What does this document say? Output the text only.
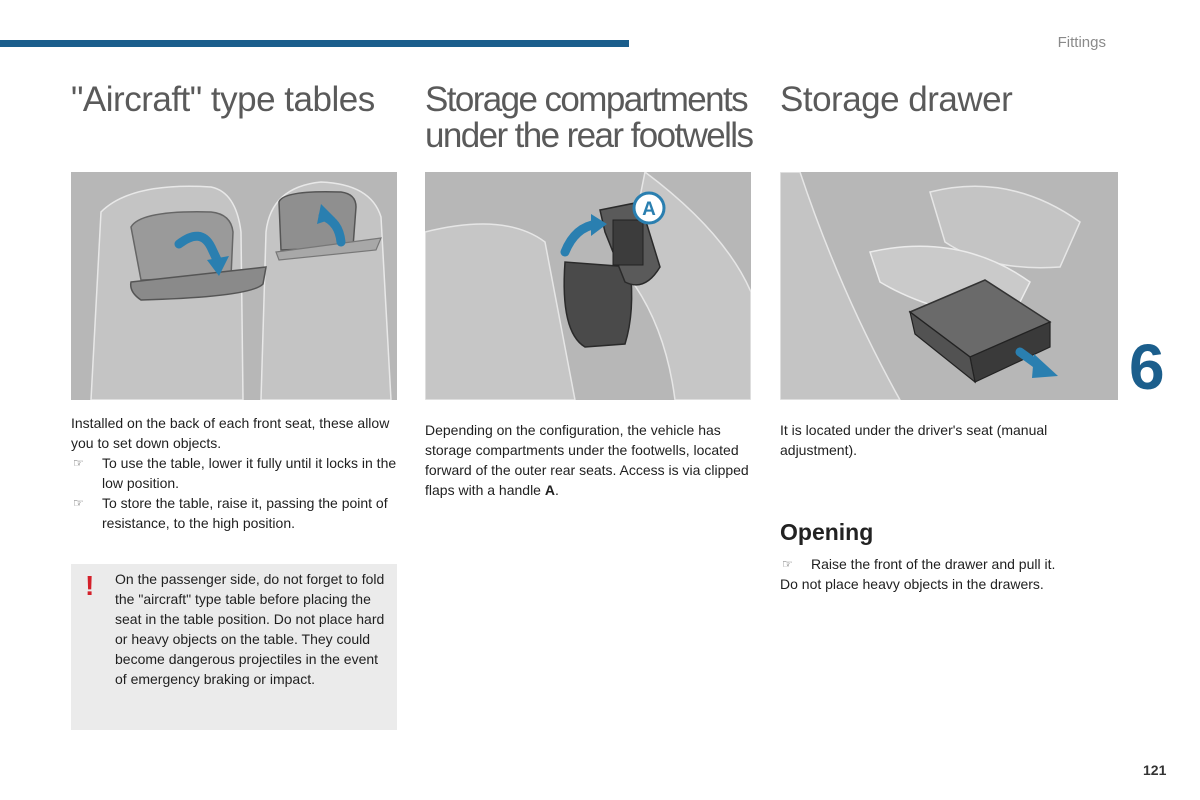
Fittings
"Aircraft" type tables

Installed on the back of each front seat, these allow you to set down objects.

☞	To use the table, lower it fully until it locks in the low position.
☞	To store the table, raise it, passing the point of resistance, to the high position.
! On the passenger side, do not forget to fold the "aircraft" type table before placing the seat in the table position. Do not place hard or heavy objects on the table. They could become dangerous projectiles in the event of emergency braking or impact.
Storage compartments
under the rear footwells
A

Depending on the configuration, the vehicle has storage compartments under the footwells, located forward of the outer rear seats. Access is via clipped flaps with a handle A.

Storage drawer

It is located under the driver's seat (manual adjustment).

Opening
☞	Raise the front of the drawer and pull it.

Do not place heavy objects in the drawers.

6
121
